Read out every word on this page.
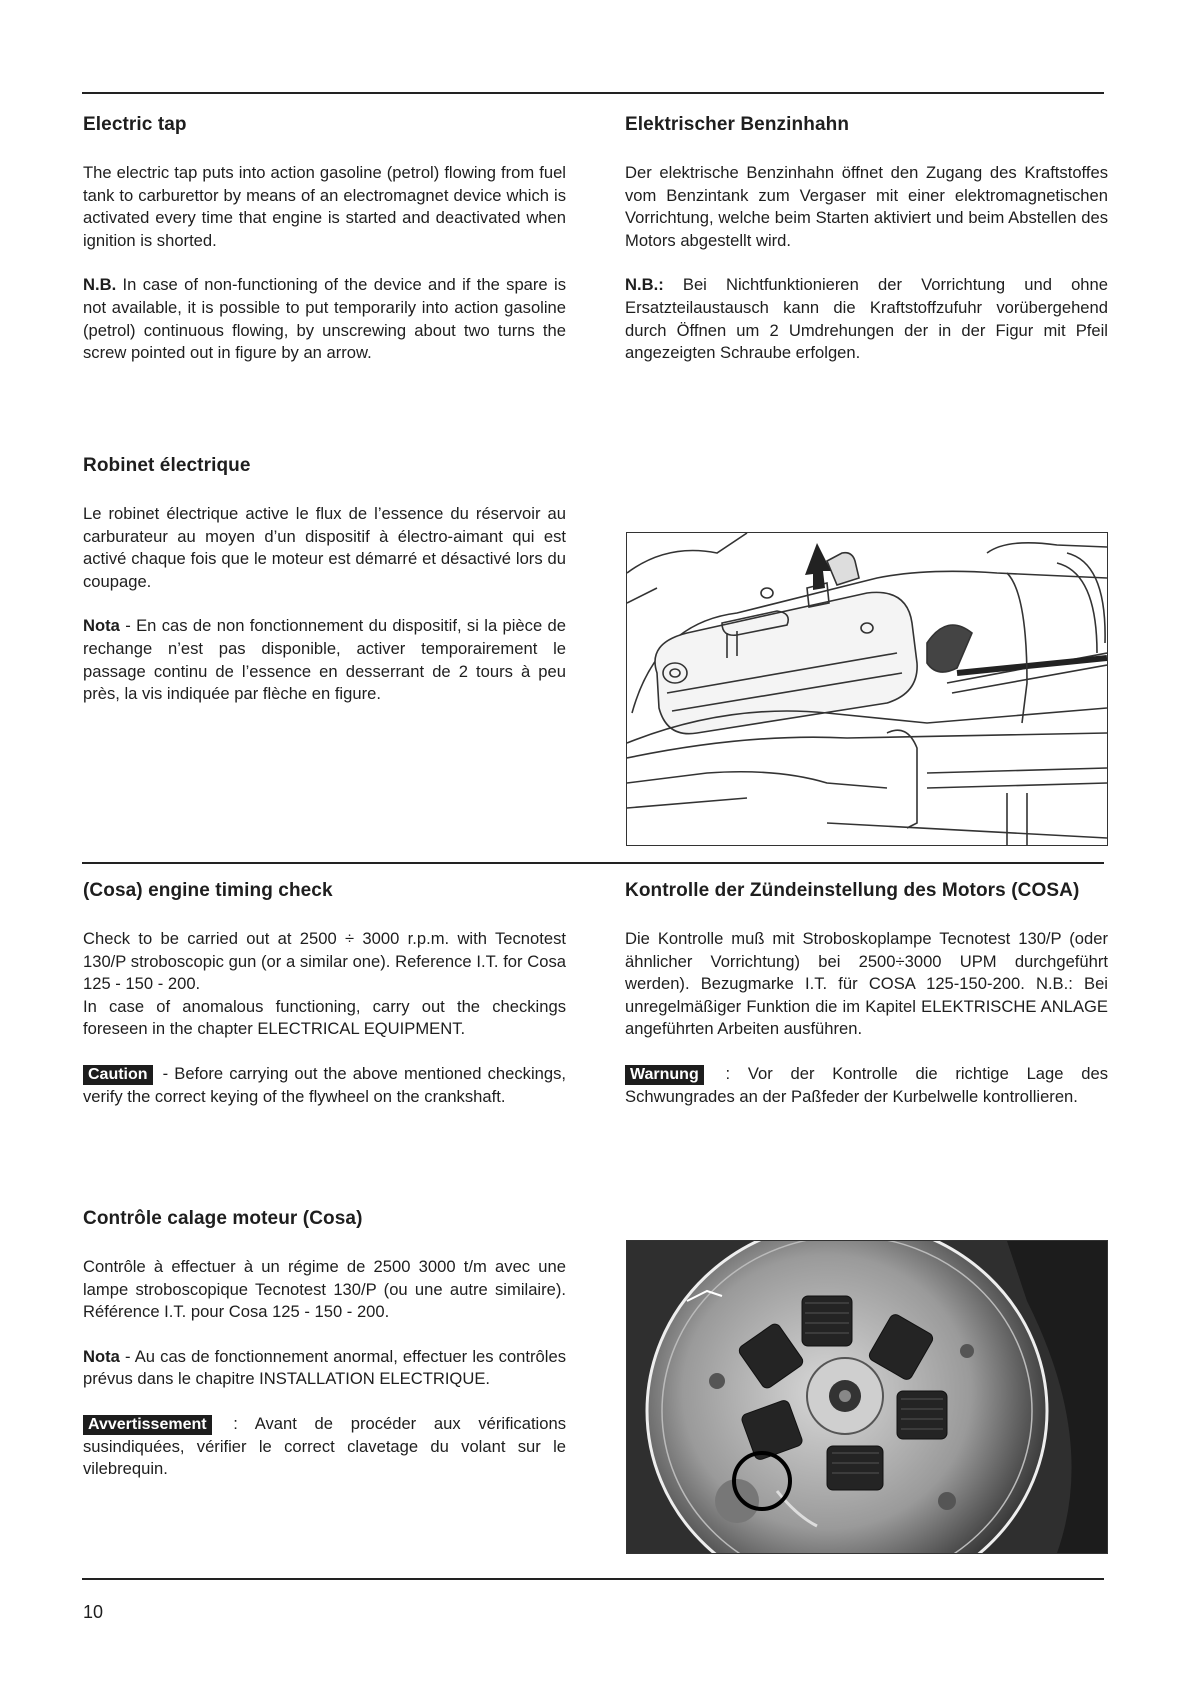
Electric tap

The electric tap puts into action gasoline (petrol) flowing from fuel tank to carburettor by means of an electromagnet device which is activated every time that engine is started and deactivated when ignition is shorted.

N.B. In case of non-functioning of the device and if the spare is not available, it is possible to put temporarily into action gasoline (petrol) continuous flowing, by unscrewing about two turns the screw pointed out in figure by an arrow.

Elektrischer Benzinhahn

Der elektrische Benzinhahn öffnet den Zugang des Kraftstoffes vom Benzintank zum Vergaser mit einer elektromagnetischen Vorrichtung, welche beim Starten aktiviert und beim Abstellen des Motors abgestellt wird.

N.B.: Bei Nichtfunktionieren der Vorrichtung und ohne Ersatzteilaustausch kann die Kraftstoffzufuhr vorübergehend durch Öffnen um 2 Umdrehungen der in der Figur mit Pfeil angezeigten Schraube erfolgen.

Robinet électrique

Le robinet électrique active le flux de l’essence du réservoir au carburateur au moyen d’un dispositif à électro-aimant qui est activé chaque fois que le moteur est démarré et désactivé lors du coupage.

Nota - En cas de non fonctionnement du dispositif, si la pièce de rechange n’est pas disponible, activer temporairement le passage continu de l’essence en desserrant de 2 tours à peu près, la vis indiquée par flèche en figure.

(Cosa) engine timing check

Check to be carried out at 2500 ÷ 3000 r.p.m. with Tecnotest 130/P stroboscopic gun (or a similar one). Reference I.T. for Cosa 125 - 150 - 200.

In case of anomalous functioning, carry out the checkings foreseen in the chapter ELECTRICAL EQUIPMENT.

Caution - Before carrying out the above mentioned checkings, verify the correct keying of the flywheel on the crankshaft.

Kontrolle der Zündeinstellung des Motors (COSA)

Die Kontrolle muß mit Stroboskoplampe Tecnotest 130/P (oder ähnlicher Vorrichtung) bei 2500÷3000 UPM durchgeführt werden). Bezugmarke I.T. für COSA 125-150-200. N.B.: Bei unregelmäßiger Funktion die im Kapitel ELEKTRISCHE ANLAGE angeführten Arbeiten ausführen.

Warnung : Vor der Kontrolle die richtige Lage des Schwungrades an der Paßfeder der Kurbelwelle kontrollieren.

Contrôle calage moteur (Cosa)

Contrôle à effectuer à un régime de 2500 3000 t/m avec une lampe stroboscopique Tecnotest 130/P (ou une autre similaire). Référence I.T. pour Cosa 125 - 150 - 200.

Nota - Au cas de fonctionnement anormal, effectuer les contrôles prévus dans le chapitre INSTALLATION ELECTRIQUE.

Avvertissement : Avant de procéder aux vérifications susindiquées, vérifier le correct clavetage du volant sur le vilebrequin.

10
